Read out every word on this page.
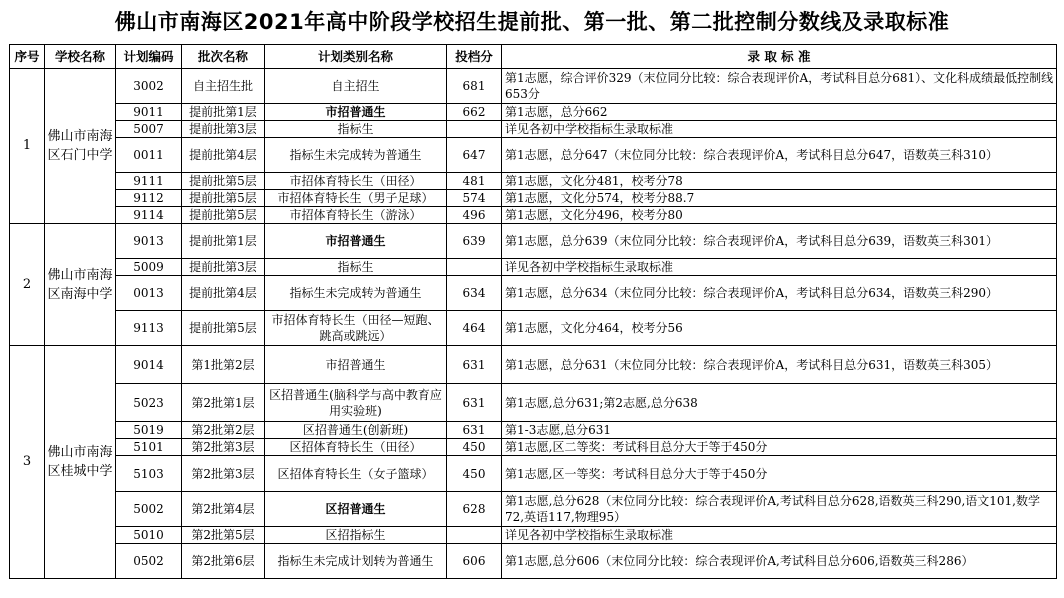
佛山市南海区2021年高中阶段学校招生提前批、第一批、第二批控制分数线及录取标准
序号	学校名称	计划编码	批次名称	计划类别名称	投档分	录 取 标 准
1	佛山市南海区石门中学	3002	自主招生批	自主招生	681	第1志愿，综合评价329（末位同分比较：综合表现评价A，考试科目总分681）、文化科成绩最低控制线653分
		9011	提前批第1层	市招普通生	662	第1志愿，总分662
		5007	提前批第3层	指标生		详见各初中学校指标生录取标准
		0011	提前批第4层	指标生未完成转为普通生	647	第1志愿，总分647（末位同分比较：综合表现评价A，考试科目总分647，语数英三科310）
		9111	提前批第5层	市招体育特长生（田径）	481	第1志愿，文化分481，校考分78
		9112	提前批第5层	市招体育特长生（男子足球）	574	第1志愿，文化分574，校考分88.7
		9114	提前批第5层	市招体育特长生（游泳）	496	第1志愿，文化分496，校考分80
2	佛山市南海区南海中学	9013	提前批第1层	市招普通生	639	第1志愿，总分639（末位同分比较：综合表现评价A，考试科目总分639，语数英三科301）
		5009	提前批第3层	指标生		详见各初中学校指标生录取标准
		0013	提前批第4层	指标生未完成转为普通生	634	第1志愿，总分634（末位同分比较：综合表现评价A，考试科目总分634，语数英三科290）
		9113	提前批第5层	市招体育特长生（田径—短跑、跳高或跳远）	464	第1志愿，文化分464，校考分56
3	佛山市南海区桂城中学	9014	第1批第2层	市招普通生	631	第1志愿，总分631（末位同分比较：综合表现评价A，考试科目总分631，语数英三科305）
		5023	第2批第1层	区招普通生(脑科学与高中教育应用实验班)	631	第1志愿,总分631;第2志愿,总分638
		5019	第2批第2层	区招普通生(创新班)	631	第1-3志愿,总分631
		5101	第2批第3层	区招体育特长生（田径）	450	第1志愿,区二等奖：考试科目总分大于等于450分
		5103	第2批第3层	区招体育特长生（女子篮球）	450	第1志愿,区一等奖：考试科目总分大于等于450分
		5002	第2批第4层	区招普通生	628	第1志愿,总分628（末位同分比较：综合表现评价A,考试科目总分628,语数英三科290,语文101,数学72,英语117,物理95）
		5010	第2批第5层	区招指标生		详见各初中学校指标生录取标准
		0502	第2批第6层	指标生未完成计划转为普通生	606	第1志愿,总分606（末位同分比较：综合表现评价A,考试科目总分606,语数英三科286）
